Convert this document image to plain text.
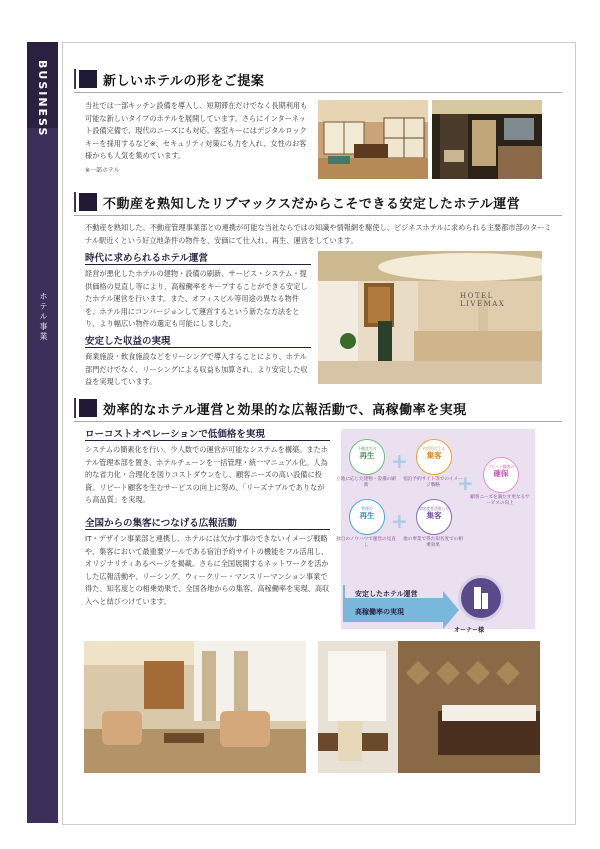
BUSINESS
ホテル事業
新しいホテルの形をご提案
当社では一部キッチン設備を導入し、短期滞在だけでなく長期利用も可能な新しいタイプのホテルを展開しています。さらにインターネット設備完備で、現代のニーズにも対応。客室キーにはデジタルロックキーを採用するなど※、セキュリティ対策にも力を入れ、女性のお客様からも人気を集めています。
※一部ホテル
不動産を熟知したリブマックスだからこそできる安定したホテル運営
不動産を熟知した、不動産管理事業部との連携が可能な当社ならではの知識や情報網を駆使し、ビジネスホテルに求められる主要都市部のターミナル駅近くという好立地条件の物件を、安価にて仕入れ、再生、運営をしています。
時代に求められるホテル運営
経営が悪化したホテルの建物・設備の刷新、サービス・システム・提供価格の見直し等により、高稼働率をキープすることができる安定したホテル運営を行います。また、オフィスビル等用途の異なる物件を、ホテル用にコンバージョンして運営するという新たな方法をとり、より幅広い物件の選定も可能にしました。
安定した収益の実現
商業施設・飲食施設などをリーシングで導入することにより、ホテル部門だけでなく、リーシングによる収益も加算され、より安定した収益を実現しています。
HOTEL LIVEMAX
効率的なホテル運営と効果的な広報活動で、高稼働率を実現
ローコストオペレーションで低価格を実現
システムの簡素化を行い、少人数での運営が可能なシステムを構築。またホテル管理本部を置き、ホテルチェーンを一括管理・統一マニュアル化。人為的な省力化・合理化を図りコストダウンをし、顧客ニーズの高い設備に投資。リピート顧客を生むサービスの向上に努め、「リーズナブルでありながら高品質」を実現。
全国からの集客につなげる広報活動
IT・デザイン事業部と連携し、ホテルには欠かす事のできないイメージ戦略や、集客において最重要ツールである宿泊予約サイトの機能をフル活用し、オリジナリティあるページを掲載。さらに全国展開するネットワークを活かした広報活動や、リーシング、ウィークリー・マンスリーマンション事業で得た、知名度との相乗効果で、全国各地からの集客、高稼働率を実現、高収入へと結びつけています。
不動産力の
再生
立地に応じた建物・設備の刷新
+
IT活用による
集客
宿泊予約サイト等でのイメージ戦略 +
リピート顧客の
確保
顧客ニーズを満たす更なるサービスの向上
管理の
再生
独自のノウハウで運営の見直し
+
知名度を活用した
集客
他の事業で得た知名度での相乗効果
安定したホテル運営
高稼働率の実現
オーナー様
